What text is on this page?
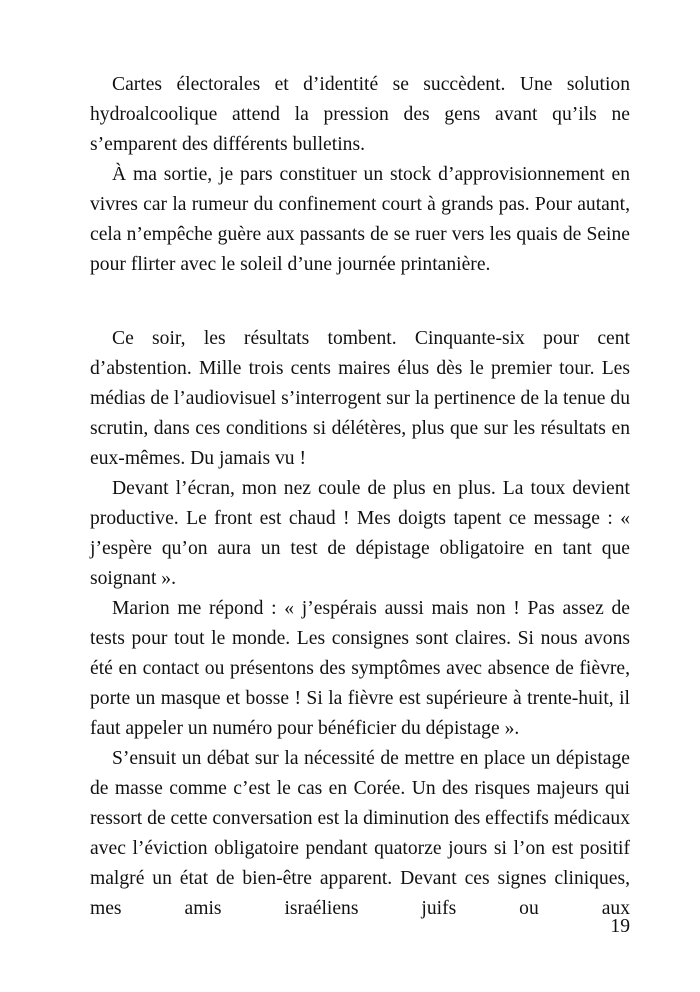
Cartes électorales et d’identité se succèdent. Une solution hydroalcoolique attend la pression des gens avant qu’ils ne s’emparent des différents bulletins.

À ma sortie, je pars constituer un stock d’approvisionnement en vivres car la rumeur du confinement court à grands pas. Pour autant, cela n’empêche guère aux passants de se ruer vers les quais de Seine pour flirter avec le soleil d’une journée printanière.

Ce soir, les résultats tombent. Cinquante-six pour cent d’abstention. Mille trois cents maires élus dès le premier tour. Les médias de l’audiovisuel s’interrogent sur la pertinence de la tenue du scrutin, dans ces conditions si délétères, plus que sur les résultats en eux-mêmes. Du jamais vu !

Devant l’écran, mon nez coule de plus en plus. La toux devient productive. Le front est chaud ! Mes doigts tapent ce message : « j’espère qu’on aura un test de dépistage obligatoire en tant que soignant ».

Marion me répond : « j’espérais aussi mais non ! Pas assez de tests pour tout le monde. Les consignes sont claires. Si nous avons été en contact ou présentons des symptômes avec absence de fièvre, porte un masque et bosse ! Si la fièvre est supérieure à trente-huit, il faut appeler un numéro pour bénéficier du dépistage ».

S’ensuit un débat sur la nécessité de mettre en place un dépistage de masse comme c’est le cas en Corée. Un des risques majeurs qui ressort de cette conversation est la diminution des effectifs médicaux avec l’éviction obligatoire pendant quatorze jours si l’on est positif malgré un état de bien-être apparent. Devant ces signes cliniques, mes amis israéliens juifs ou aux

19
